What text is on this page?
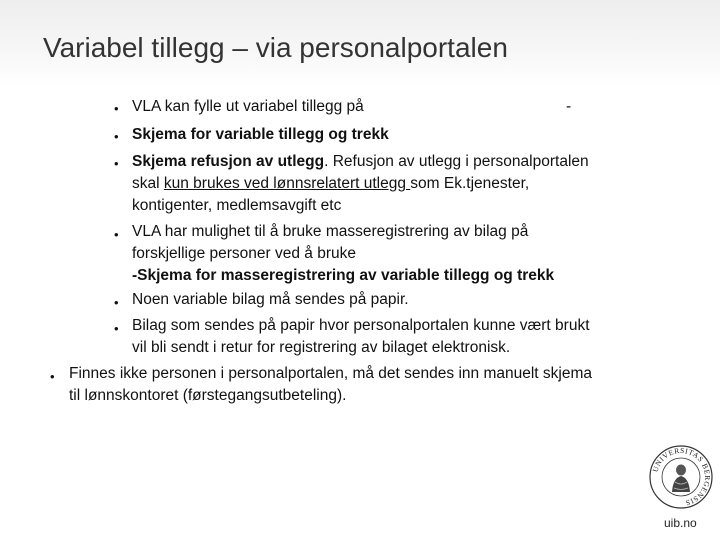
Variabel tillegg – via personalportalen
• VLA kan fylle ut variabel tillegg på	-
• Skjema for variable tillegg og trekk
• Skjema refusjon av utlegg. Refusjon av utlegg i personalportalen
skal kun brukes ved lønnsrelatert utlegg som Ek.tjenester,
kontigenter, medlemsavgift etc
• VLA har mulighet til å bruke masseregistrering av bilag på
forskjellige personer ved å bruke
-Skjema for masseregistrering av variable tillegg og trekk
• Noen variable bilag må sendes på papir.
• Bilag som sendes på papir hvor personalportalen kunne vært brukt
vil bli sendt i retur for registrering av bilaget elektronisk.
• Finnes ikke personen i personalportalen, må det sendes inn manuelt skjema
til lønnskontoret (førstegangsutbeteling).
UNIVERSITAS BERGENSIS
uib.no
